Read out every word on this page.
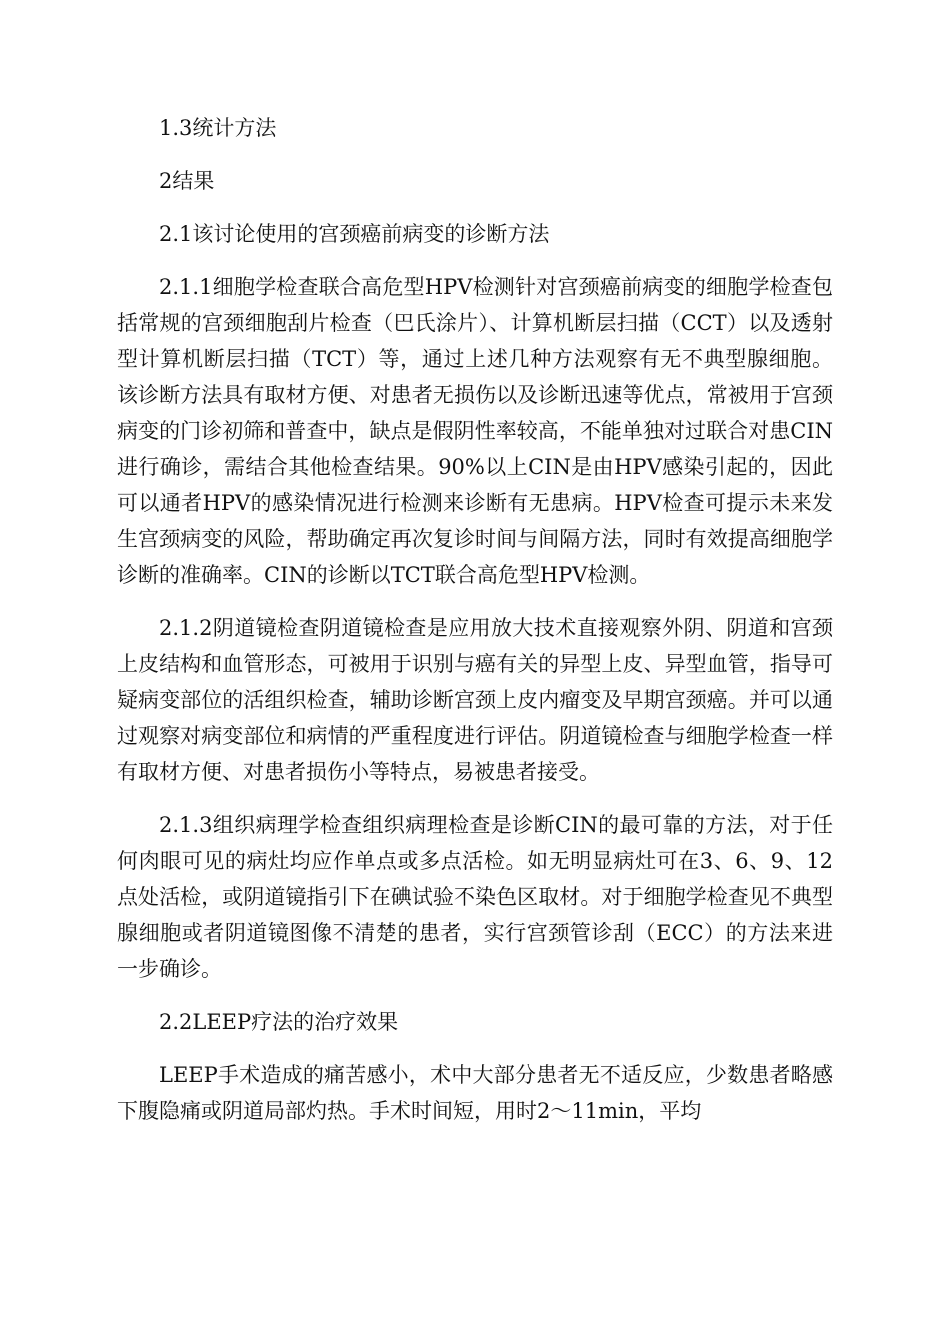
1.3统计方法

2结果

2.1该讨论使用的宫颈癌前病变的诊断方法

2.1.1细胞学检查联合高危型HPV检测针对宫颈癌前病变的细胞学检查包括常规的宫颈细胞刮片检查（巴氏涂片）、计算机断层扫描（CCT）以及透射型计算机断层扫描（TCT）等，通过上述几种方法观察有无不典型腺细胞。该诊断方法具有取材方便、对患者无损伤以及诊断迅速等优点，常被用于宫颈病变的门诊初筛和普查中，缺点是假阴性率较高，不能单独对过联合对患CIN进行确诊，需结合其他检查结果。90%以上CIN是由HPV感染引起的，因此可以通者HPV的感染情况进行检测来诊断有无患病。HPV检查可提示未来发生宫颈病变的风险，帮助确定再次复诊时间与间隔方法，同时有效提高细胞学诊断的准确率。CIN的诊断以TCT联合高危型HPV检测。

2.1.2阴道镜检查阴道镜检查是应用放大技术直接观察外阴、阴道和宫颈上皮结构和血管形态，可被用于识别与癌有关的异型上皮、异型血管，指导可疑病变部位的活组织检查，辅助诊断宫颈上皮内瘤变及早期宫颈癌。并可以通过观察对病变部位和病情的严重程度进行评估。阴道镜检查与细胞学检查一样有取材方便、对患者损伤小等特点，易被患者接受。

2.1.3组织病理学检查组织病理检查是诊断CIN的最可靠的方法，对于任何肉眼可见的病灶均应作单点或多点活检。如无明显病灶可在3、6、9、12点处活检，或阴道镜指引下在碘试验不染色区取材。对于细胞学检查见不典型腺细胞或者阴道镜图像不清楚的患者，实行宫颈管诊刮（ECC）的方法来进一步确诊。

2.2LEEP疗法的治疗效果

LEEP手术造成的痛苦感小，术中大部分患者无不适反应，少数患者略感下腹隐痛或阴道局部灼热。手术时间短，用时2～11min，平均
